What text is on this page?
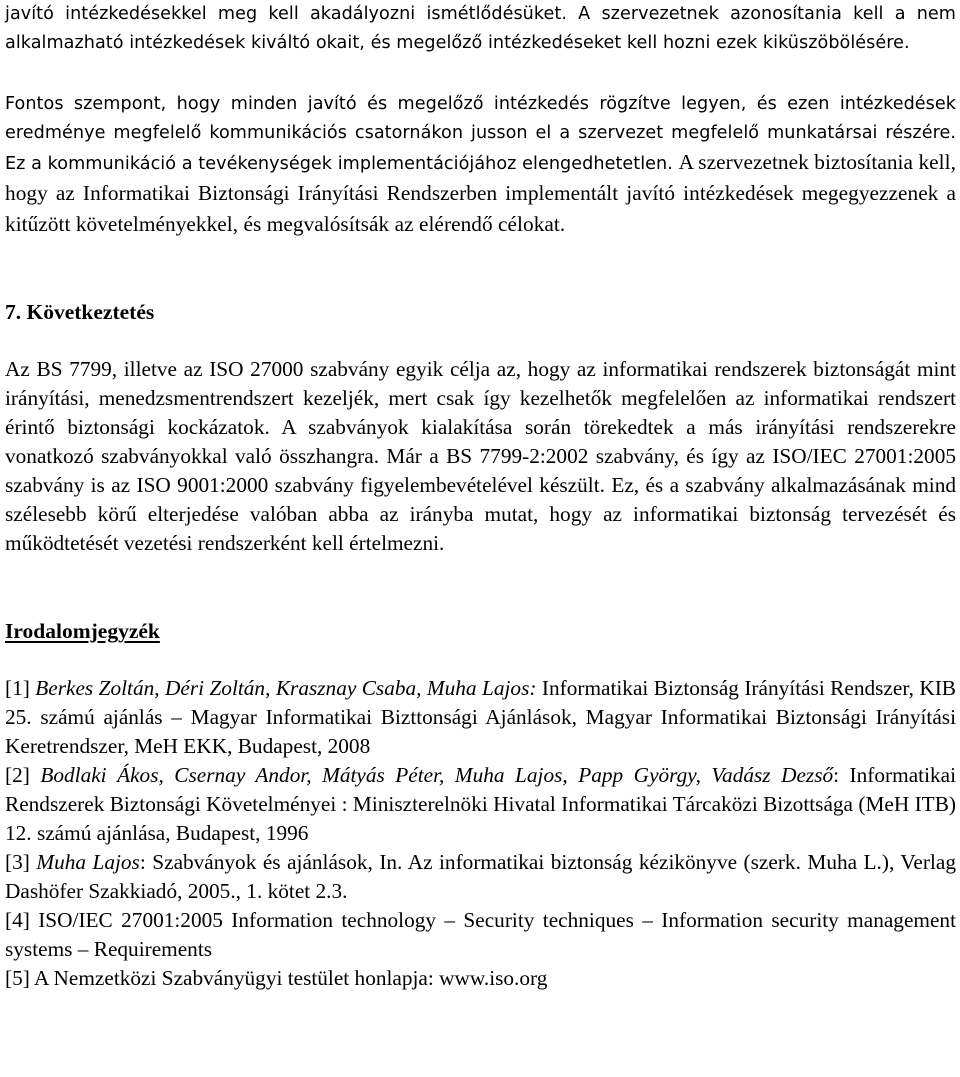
javító intézkedésekkel meg kell akadályozni ismétlődésüket. A szervezetnek azonosítania kell a nem alkalmazható intézkedések kiváltó okait, és megelőző intézkedéseket kell hozni ezek kiküszöbölésére.

Fontos szempont, hogy minden javító és megelőző intézkedés rögzítve legyen, és ezen intézkedések eredménye megfelelő kommunikációs csatornákon jusson el a szervezet megfelelő munkatársai részére. Ez a kommunikáció a tevékenységek implementációjához elengedhetetlen. A szervezetnek biztosítania kell, hogy az Informatikai Biztonsági Irányítási Rendszerben implementált javító intézkedések megegyezzenek a kitűzött követelményekkel, és megvalósítsák az elérendő célokat.

7. Következtetés

Az BS 7799, illetve az ISO 27000 szabvány egyik célja az, hogy az informatikai rendszerek biztonságát mint irányítási, menedzsmentrendszert kezeljék, mert csak így kezelhetők megfelelően az informatikai rendszert érintő biztonsági kockázatok. A szabványok kialakítása során törekedtek a más irányítási rendszerekre vonatkozó szabványokkal való összhangra. Már a BS 7799-2:2002 szabvány, és így az ISO/IEC 27001:2005 szabvány is az ISO 9001:2000 szabvány figyelembevételével készült. Ez, és a szabvány alkalmazásának mind szélesebb körű elterjedése valóban abba az irányba mutat, hogy az informatikai biztonság tervezését és működtetését vezetési rendszerként kell értelmezni.

Irodalomjegyzék

[1] Berkes Zoltán, Déri Zoltán, Krasznay Csaba, Muha Lajos: Informatikai Biztonság Irányítási Rendszer, KIB 25. számú ajánlás – Magyar Informatikai Bizttonsági Ajánlások, Magyar Informatikai Biztonsági Irányítási Keretrendszer, MeH EKK, Budapest, 2008

[2] Bodlaki Ákos, Csernay Andor, Mátyás Péter, Muha Lajos, Papp György, Vadász Dezső: Informatikai Rendszerek Biztonsági Követelményei : Miniszterelnöki Hivatal Informatikai Tárcaközi Bizottsága (MeH ITB) 12. számú ajánlása, Budapest, 1996

[3] Muha Lajos: Szabványok és ajánlások, In. Az informatikai biztonság kézikönyve (szerk. Muha L.), Verlag Dashöfer Szakkiadó, 2005., 1. kötet 2.3.

[4] ISO/IEC 27001:2005 Information technology – Security techniques – Information security management systems – Requirements

[5] A Nemzetközi Szabványügyi testület honlapja: www.iso.org
